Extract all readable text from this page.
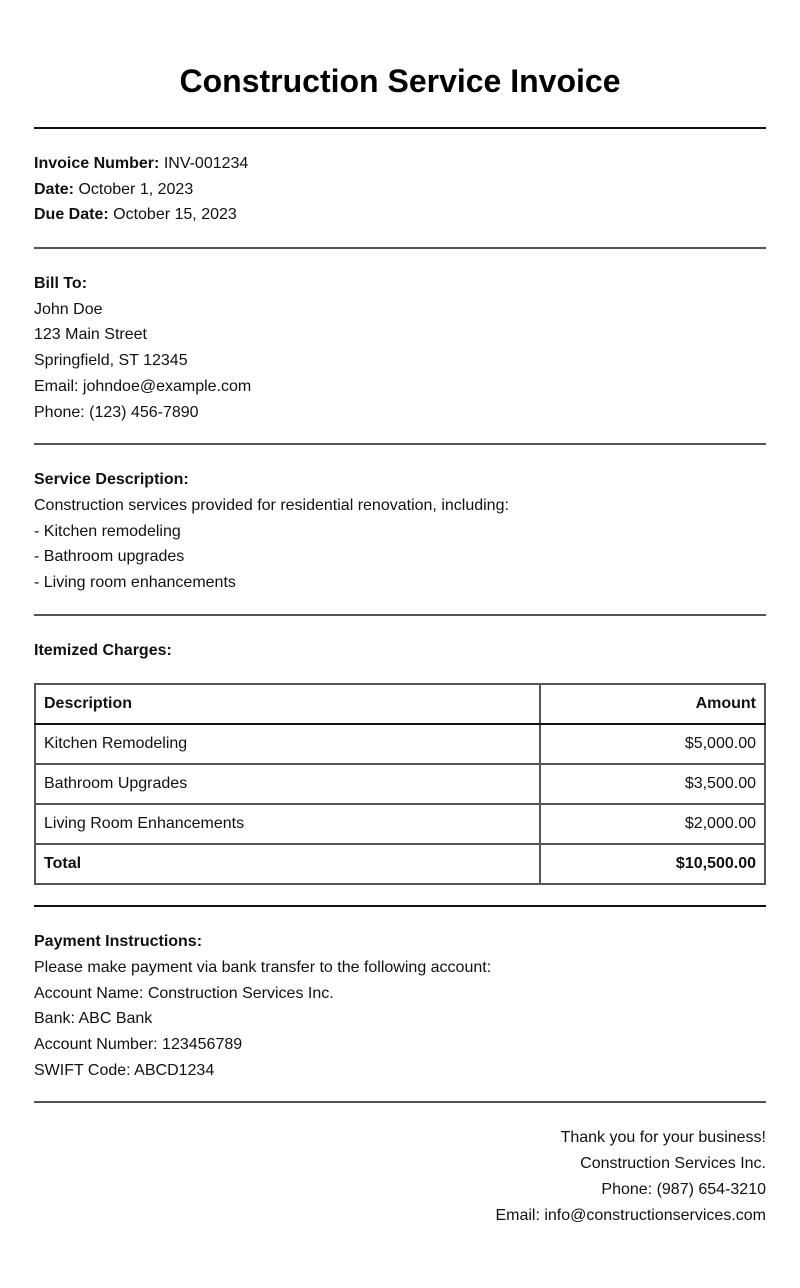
Construction Service Invoice
Invoice Number: INV-001234
Date: October 1, 2023
Due Date: October 15, 2023
Bill To:
John Doe
123 Main Street
Springfield, ST 12345
Email: johndoe@example.com
Phone: (123) 456-7890
Service Description:
Construction services provided for residential renovation, including:
- Kitchen remodeling
- Bathroom upgrades
- Living room enhancements
Itemized Charges:
Description	Amount
Kitchen Remodeling	$5,000.00
Bathroom Upgrades	$3,500.00
Living Room Enhancements	$2,000.00
Total	$10,500.00
Payment Instructions:
Please make payment via bank transfer to the following account:
Account Name: Construction Services Inc.
Bank: ABC Bank
Account Number: 123456789
SWIFT Code: ABCD1234
Thank you for your business!
Construction Services Inc.
Phone: (987) 654-3210
Email: info@constructionservices.com
